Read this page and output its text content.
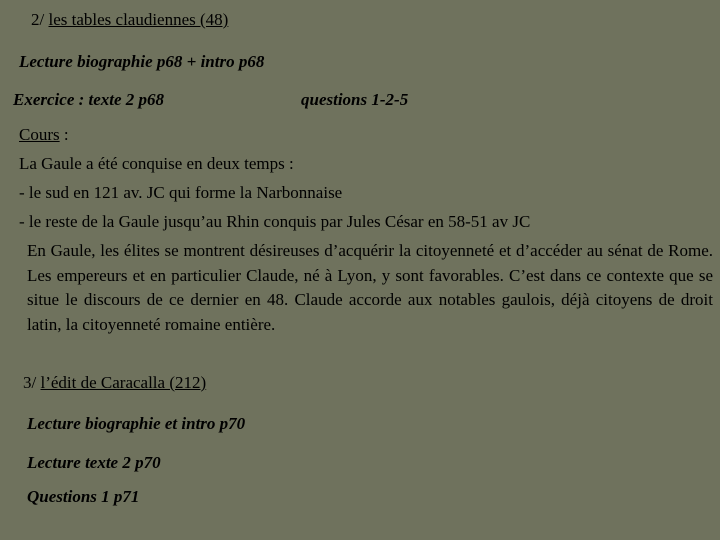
2/ les tables claudiennes (48)
Lecture biographie p68 + intro p68
Exercice : texte 2 p68	questions 1-2-5
Cours :
La Gaule a été conquise en deux temps :
- le sud en 121 av. JC qui forme la Narbonnaise
- le reste de la Gaule jusqu’au Rhin conquis par Jules César en 58-51 av JC
En Gaule, les élites se montrent désireuses d’acquérir la citoyenneté et d’accéder au sénat de Rome. Les empereurs et en particulier Claude, né à Lyon, y sont favorables. C’est dans ce contexte que se situe le discours de ce dernier en 48. Claude accorde aux notables gaulois, déjà citoyens de droit latin, la citoyenneté romaine entière.
3/ l’édit de Caracalla (212)
Lecture biographie et intro p70
Lecture texte 2 p70
Questions 1 p71
